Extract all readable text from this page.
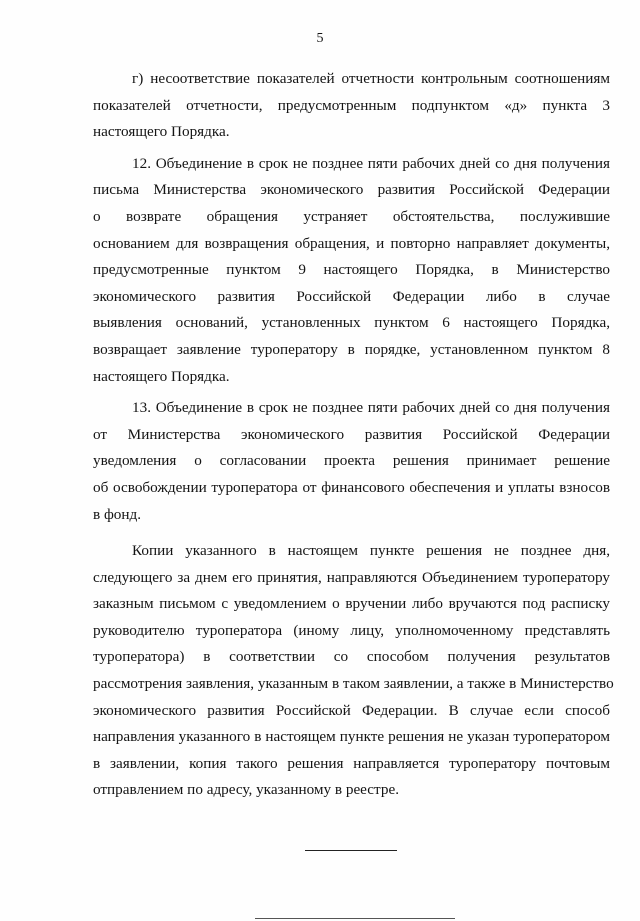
5
г) несоответствие показателей отчетности контрольным соотношениям
показателей отчетности, предусмотренным подпунктом «д» пункта 3
настоящего Порядка.
12. Объединение в срок не позднее пяти рабочих дней со дня получения
письма Министерства экономического развития Российской Федерации
о возврате обращения устраняет обстоятельства, послужившие
основанием для возвращения обращения, и повторно направляет документы,
предусмотренные пунктом 9 настоящего Порядка, в Министерство
экономического развития Российской Федерации либо в случае
выявления оснований, установленных пунктом 6 настоящего Порядка,
возвращает заявление туроператору в порядке, установленном пунктом 8
настоящего Порядка.
13. Объединение в срок не позднее пяти рабочих дней со дня получения
от Министерства экономического развития Российской Федерации
уведомления о согласовании проекта решения принимает решение
об освобождении туроператора от финансового обеспечения и уплаты взносов
в фонд.
Копии указанного в настоящем пункте решения не позднее дня,
следующего за днем его принятия, направляются Объединением туроператору
заказным письмом с уведомлением о вручении либо вручаются под расписку
руководителю туроператора (иному лицу, уполномоченному представлять
туроператора) в соответствии со способом получения результатов
рассмотрения заявления, указанным в таком заявлении, а также в Министерство
экономического развития Российской Федерации. В случае если способ
направления указанного в настоящем пункте решения не указан туроператором
в заявлении, копия такого решения направляется туроператору почтовым
отправлением по адресу, указанному в реестре.
